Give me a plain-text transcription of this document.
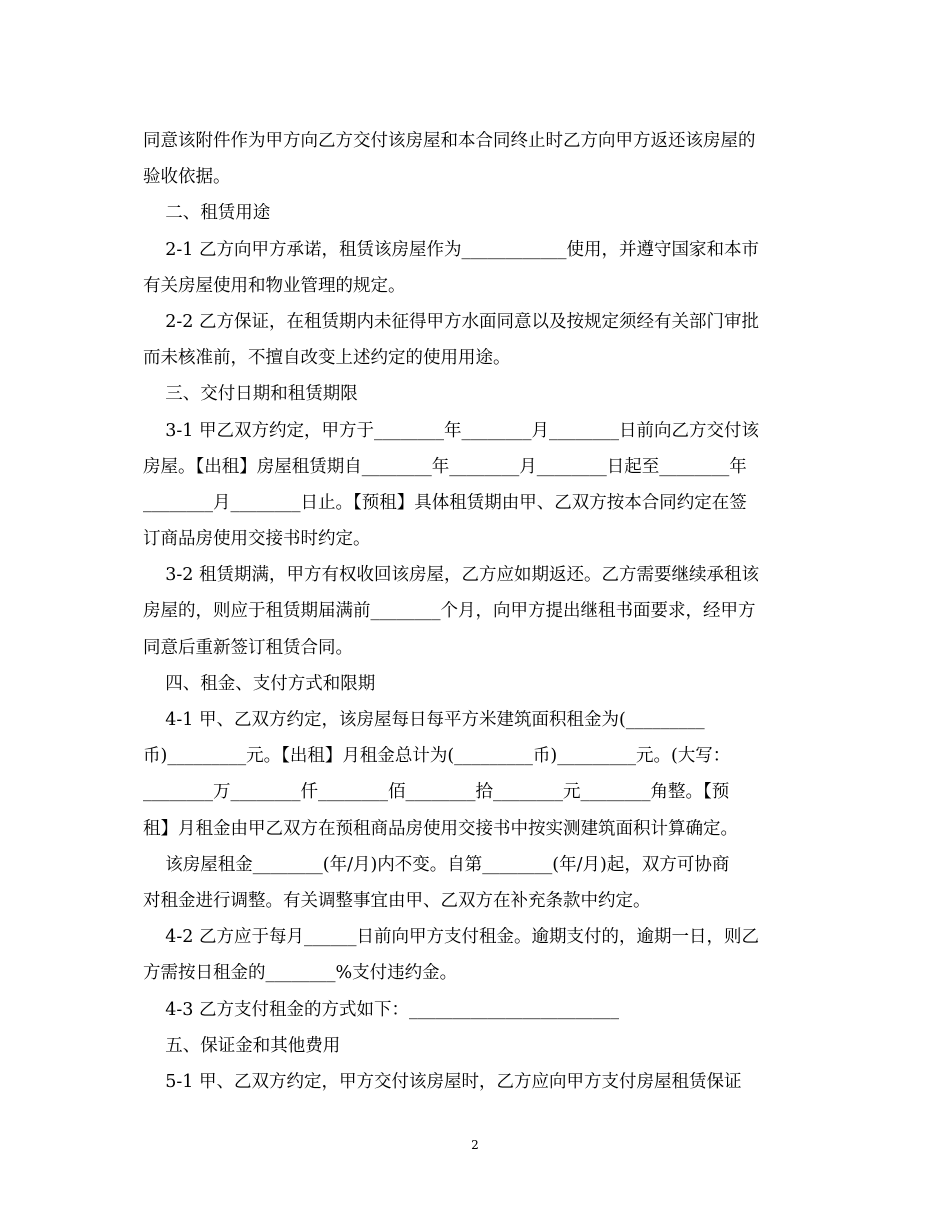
同意该附件作为甲方向乙方交付该房屋和本合同终止时乙方向甲方返还该房屋的
验收依据。
二、租赁用途
2-1 乙方向甲方承诺，租赁该房屋作为____________使用，并遵守国家和本市
有关房屋使用和物业管理的规定。
2-2 乙方保证，在租赁期内未征得甲方水面同意以及按规定须经有关部门审批
而未核准前，不擅自改变上述约定的使用用途。
三、交付日期和租赁期限
3-1 甲乙双方约定，甲方于________年________月________日前向乙方交付该
房屋。【出租】房屋租赁期自________年________月________日起至________年
________月________日止。【预租】具体租赁期由甲、乙双方按本合同约定在签
订商品房使用交接书时约定。
3-2 租赁期满，甲方有权收回该房屋，乙方应如期返还。乙方需要继续承租该
房屋的，则应于租赁期届满前________个月，向甲方提出继租书面要求，经甲方
同意后重新签订租赁合同。
四、租金、支付方式和限期
4-1 甲、乙双方约定，该房屋每日每平方米建筑面积租金为(_________
币)_________元。【出租】月租金总计为(_________币)_________元。(大写：
________万________仟________佰________拾________元________角整。【预
租】月租金由甲乙双方在预租商品房使用交接书中按实测建筑面积计算确定。
该房屋租金________(年/月)内不变。自第________(年/月)起，双方可协商
对租金进行调整。有关调整事宜由甲、乙双方在补充条款中约定。
4-2 乙方应于每月______日前向甲方支付租金。逾期支付的，逾期一日，则乙
方需按日租金的________%支付违约金。
4-3 乙方支付租金的方式如下：________________________
五、保证金和其他费用
5-1 甲、乙双方约定，甲方交付该房屋时，乙方应向甲方支付房屋租赁保证
2
